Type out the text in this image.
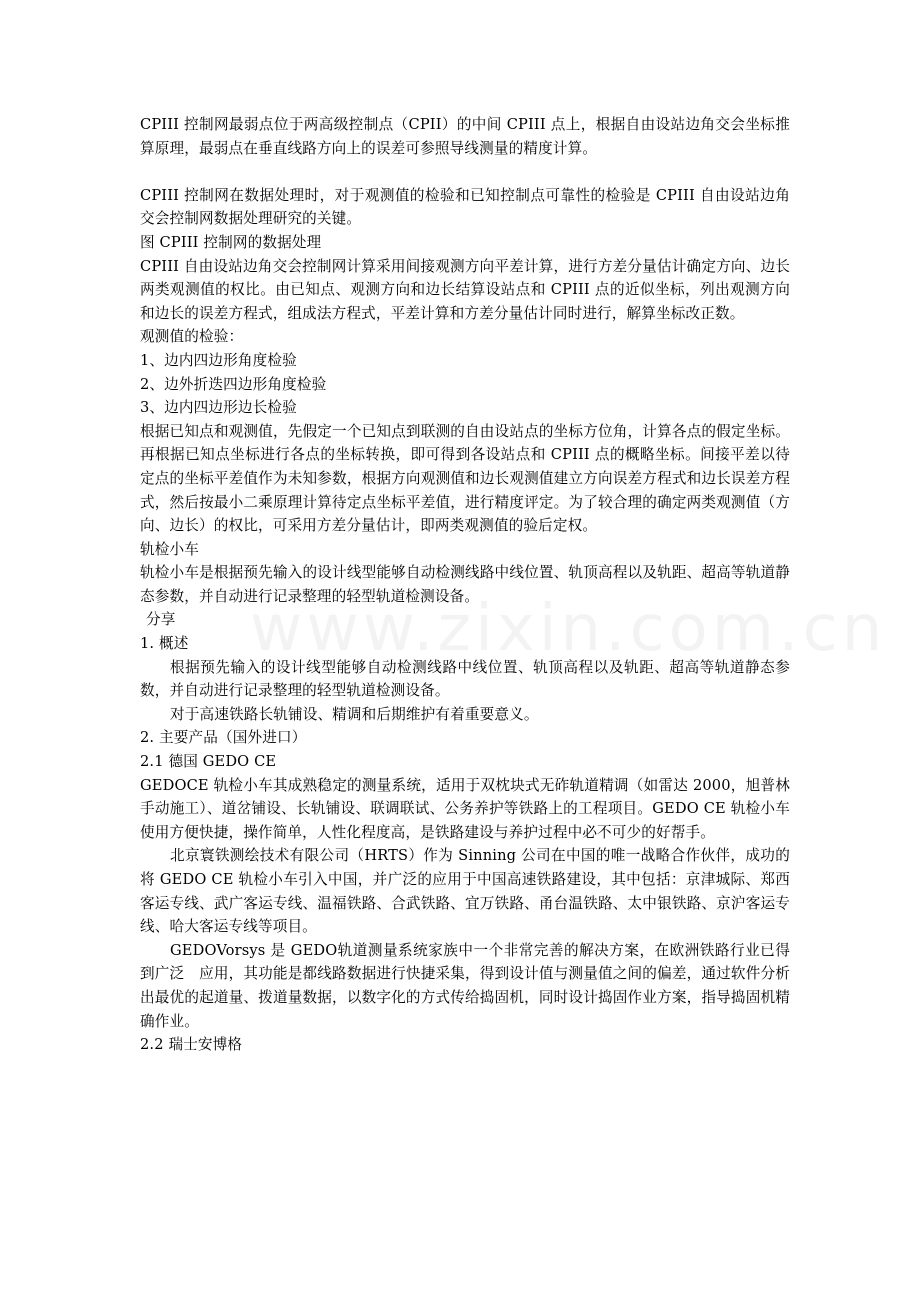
CPIII 控制网最弱点位于两高级控制点（CPII）的中间 CPIII 点上，根据自由设站边角交会坐标推算原理，最弱点在垂直线路方向上的误差可参照导线测量的精度计算。

CPIII 控制网在数据处理时，对于观测值的检验和已知控制点可靠性的检验是 CPIII 自由设站边角交会控制网数据处理研究的关键。

图 CPIII 控制网的数据处理

CPIII 自由设站边角交会控制网计算采用间接观测方向平差计算，进行方差分量估计确定方向、边长两类观测值的权比。由已知点、观测方向和边长结算设站点和 CPIII 点的近似坐标，列出观测方向和边长的误差方程式，组成法方程式，平差计算和方差分量估计同时进行，解算坐标改正数。

观测值的检验：

1、边内四边形角度检验

2、边外折迭四边形角度检验

3、边内四边形边长检验

根据已知点和观测值，先假定一个已知点到联测的自由设站点的坐标方位角，计算各点的假定坐标。再根据已知点坐标进行各点的坐标转换，即可得到各设站点和 CPIII 点的概略坐标。间接平差以待定点的坐标平差值作为未知参数，根据方向观测值和边长观测值建立方向误差方程式和边长误差方程式，然后按最小二乘原理计算待定点坐标平差值，进行精度评定。为了较合理的确定两类观测值（方向、边长）的权比，可采用方差分量估计，即两类观测值的验后定权。

轨检小车

轨检小车是根据预先输入的设计线型能够自动检测线路中线位置、轨顶高程以及轨距、超高等轨道静态参数，并自动进行记录整理的轻型轨道检测设备。

分享

1. 概述

根据预先输入的设计线型能够自动检测线路中线位置、轨顶高程以及轨距、超高等轨道静态参数，并自动进行记录整理的轻型轨道检测设备。

对于高速铁路长轨铺设、精调和后期维护有着重要意义。

2. 主要产品（国外进口）

2.1 德国 GEDO CE

GEDOCE 轨检小车其成熟稳定的测量系统，适用于双枕块式无砟轨道精调（如雷达 2000，旭普林手动施工）、道岔铺设、长轨铺设、联调联试、公务养护等铁路上的工程项目。GEDO CE 轨检小车使用方便快捷，操作简单，人性化程度高，是铁路建设与养护过程中必不可少的好帮手。

北京寰铁测绘技术有限公司（HRTS）作为 Sinning 公司在中国的唯一战略合作伙伴，成功的将 GEDO CE 轨检小车引入中国，并广泛的应用于中国高速铁路建设，其中包括：京津城际、郑西客运专线、武广客运专线、温福铁路、合武铁路、宜万铁路、甬台温铁路、太中银铁路、京沪客运专线、哈大客运专线等项目。

GEDOVorsys 是 GEDO轨道测量系统家族中一个非常完善的解决方案，在欧洲铁路行业已得到广泛　应用，其功能是都线路数据进行快捷采集，得到设计值与测量值之间的偏差，通过软件分析出最优的起道量、拨道量数据，以数字化的方式传给捣固机，同时设计捣固作业方案，指导捣固机精确作业。

2.2 瑞士安博格
